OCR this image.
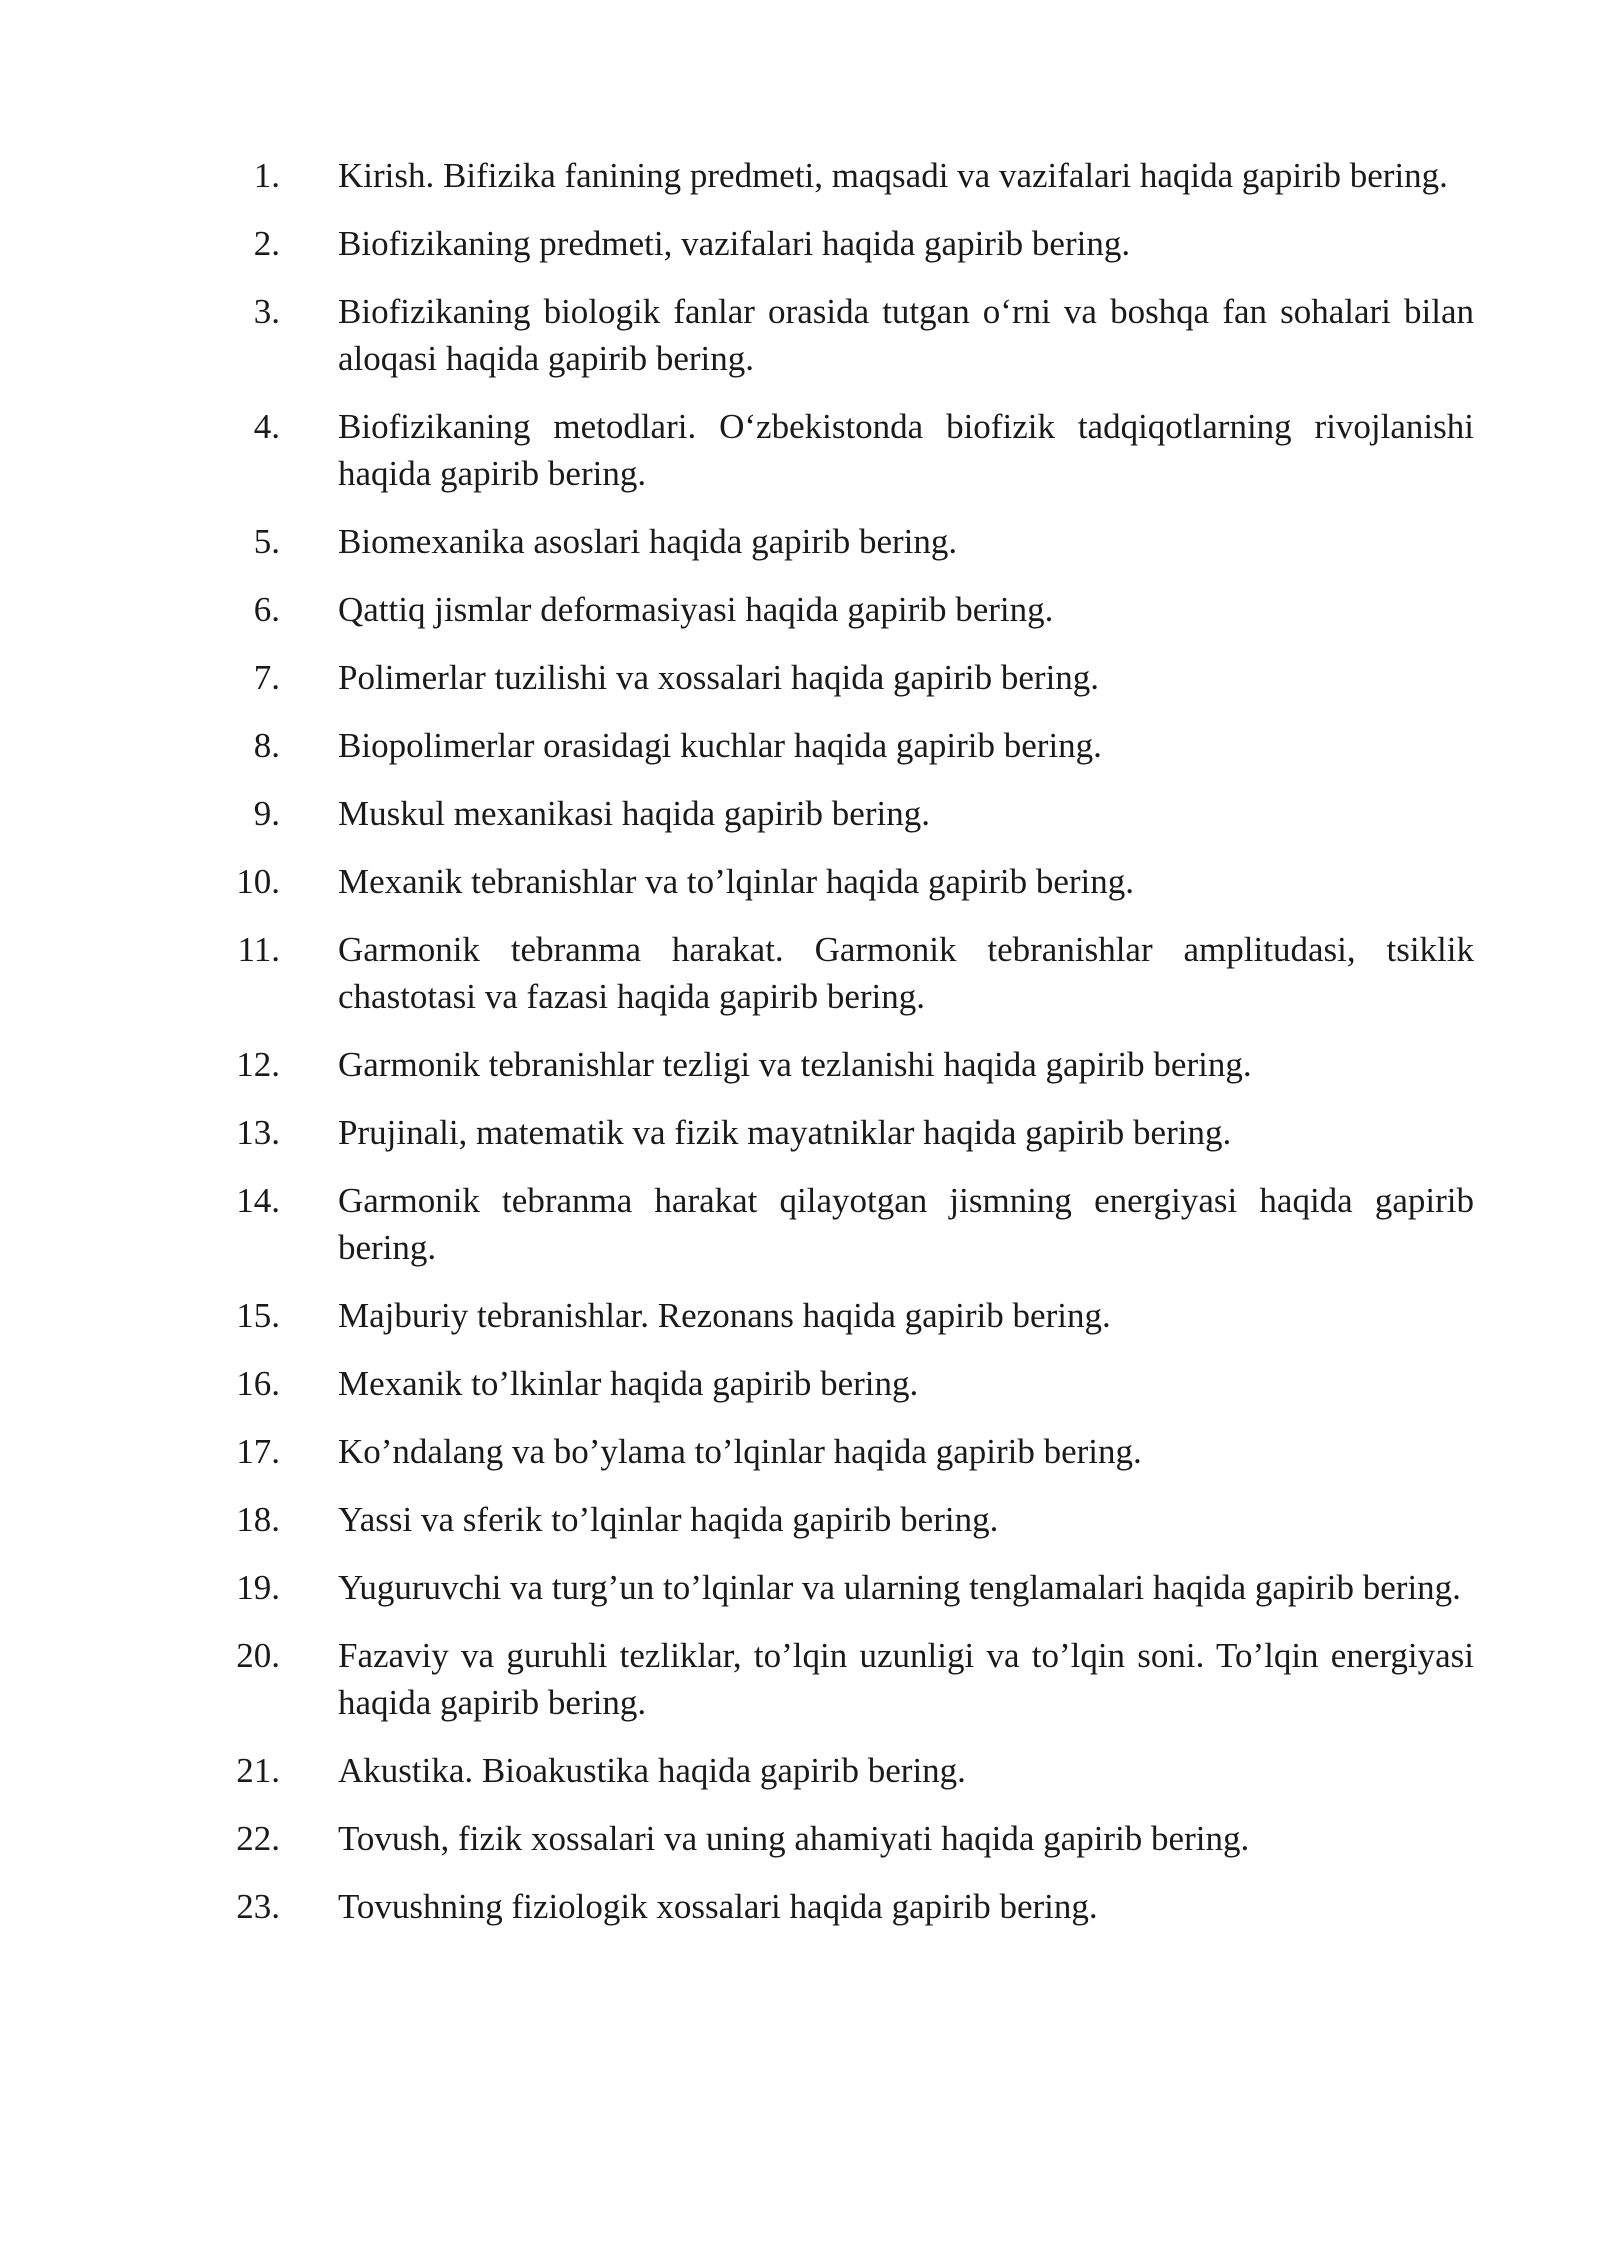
1. Kirish. Bifizika fanining predmeti, maqsadi va vazifalari haqida gapirib bering.
2. Biofizikaning predmeti, vazifalari haqida gapirib bering.
3. Biofizikaning biologik fanlar orasida tutgan o‘rni va boshqa fan sohalari bilan aloqasi haqida gapirib bering.
4. Biofizikaning metodlari. O‘zbekistonda biofizik tadqiqotlarning rivojlanishi haqida gapirib bering.
5. Biomexanika asoslari haqida gapirib bering.
6. Qattiq jismlar deformasiyasi haqida gapirib bering.
7. Polimerlar tuzilishi va xossalari haqida gapirib bering.
8. Biopolimerlar orasidagi kuchlar haqida gapirib bering.
9. Muskul mexanikasi haqida gapirib bering.
10. Mexanik tebranishlar va to’lqinlar haqida gapirib bering.
11. Garmonik tebranma harakat. Garmonik tebranishlar amplitudasi, tsiklik chastotasi va fazasi haqida gapirib bering.
12. Garmonik tebranishlar tezligi va tezlanishi haqida gapirib bering.
13. Prujinali, matematik va fizik mayatniklar haqida gapirib bering.
14. Garmonik tebranma harakat qilayotgan jismning energiyasi haqida gapirib bering.
15. Majburiy tebranishlar. Rezonans haqida gapirib bering.
16. Mexanik to’lkinlar haqida gapirib bering.
17. Ko’ndalang va bo’ylama to’lqinlar haqida gapirib bering.
18. Yassi va sferik to’lqinlar haqida gapirib bering.
19. Yuguruvchi va turg’un to’lqinlar va ularning tenglamalari haqida gapirib bering.
20. Fazaviy va guruhli tezliklar, to’lqin uzunligi va to’lqin soni. To’lqin energiyasi haqida gapirib bering.
21. Akustika. Bioakustika haqida gapirib bering.
22. Tovush, fizik xossalari va uning ahamiyati haqida gapirib bering.
23. Tovushning fiziologik xossalari haqida gapirib bering.
